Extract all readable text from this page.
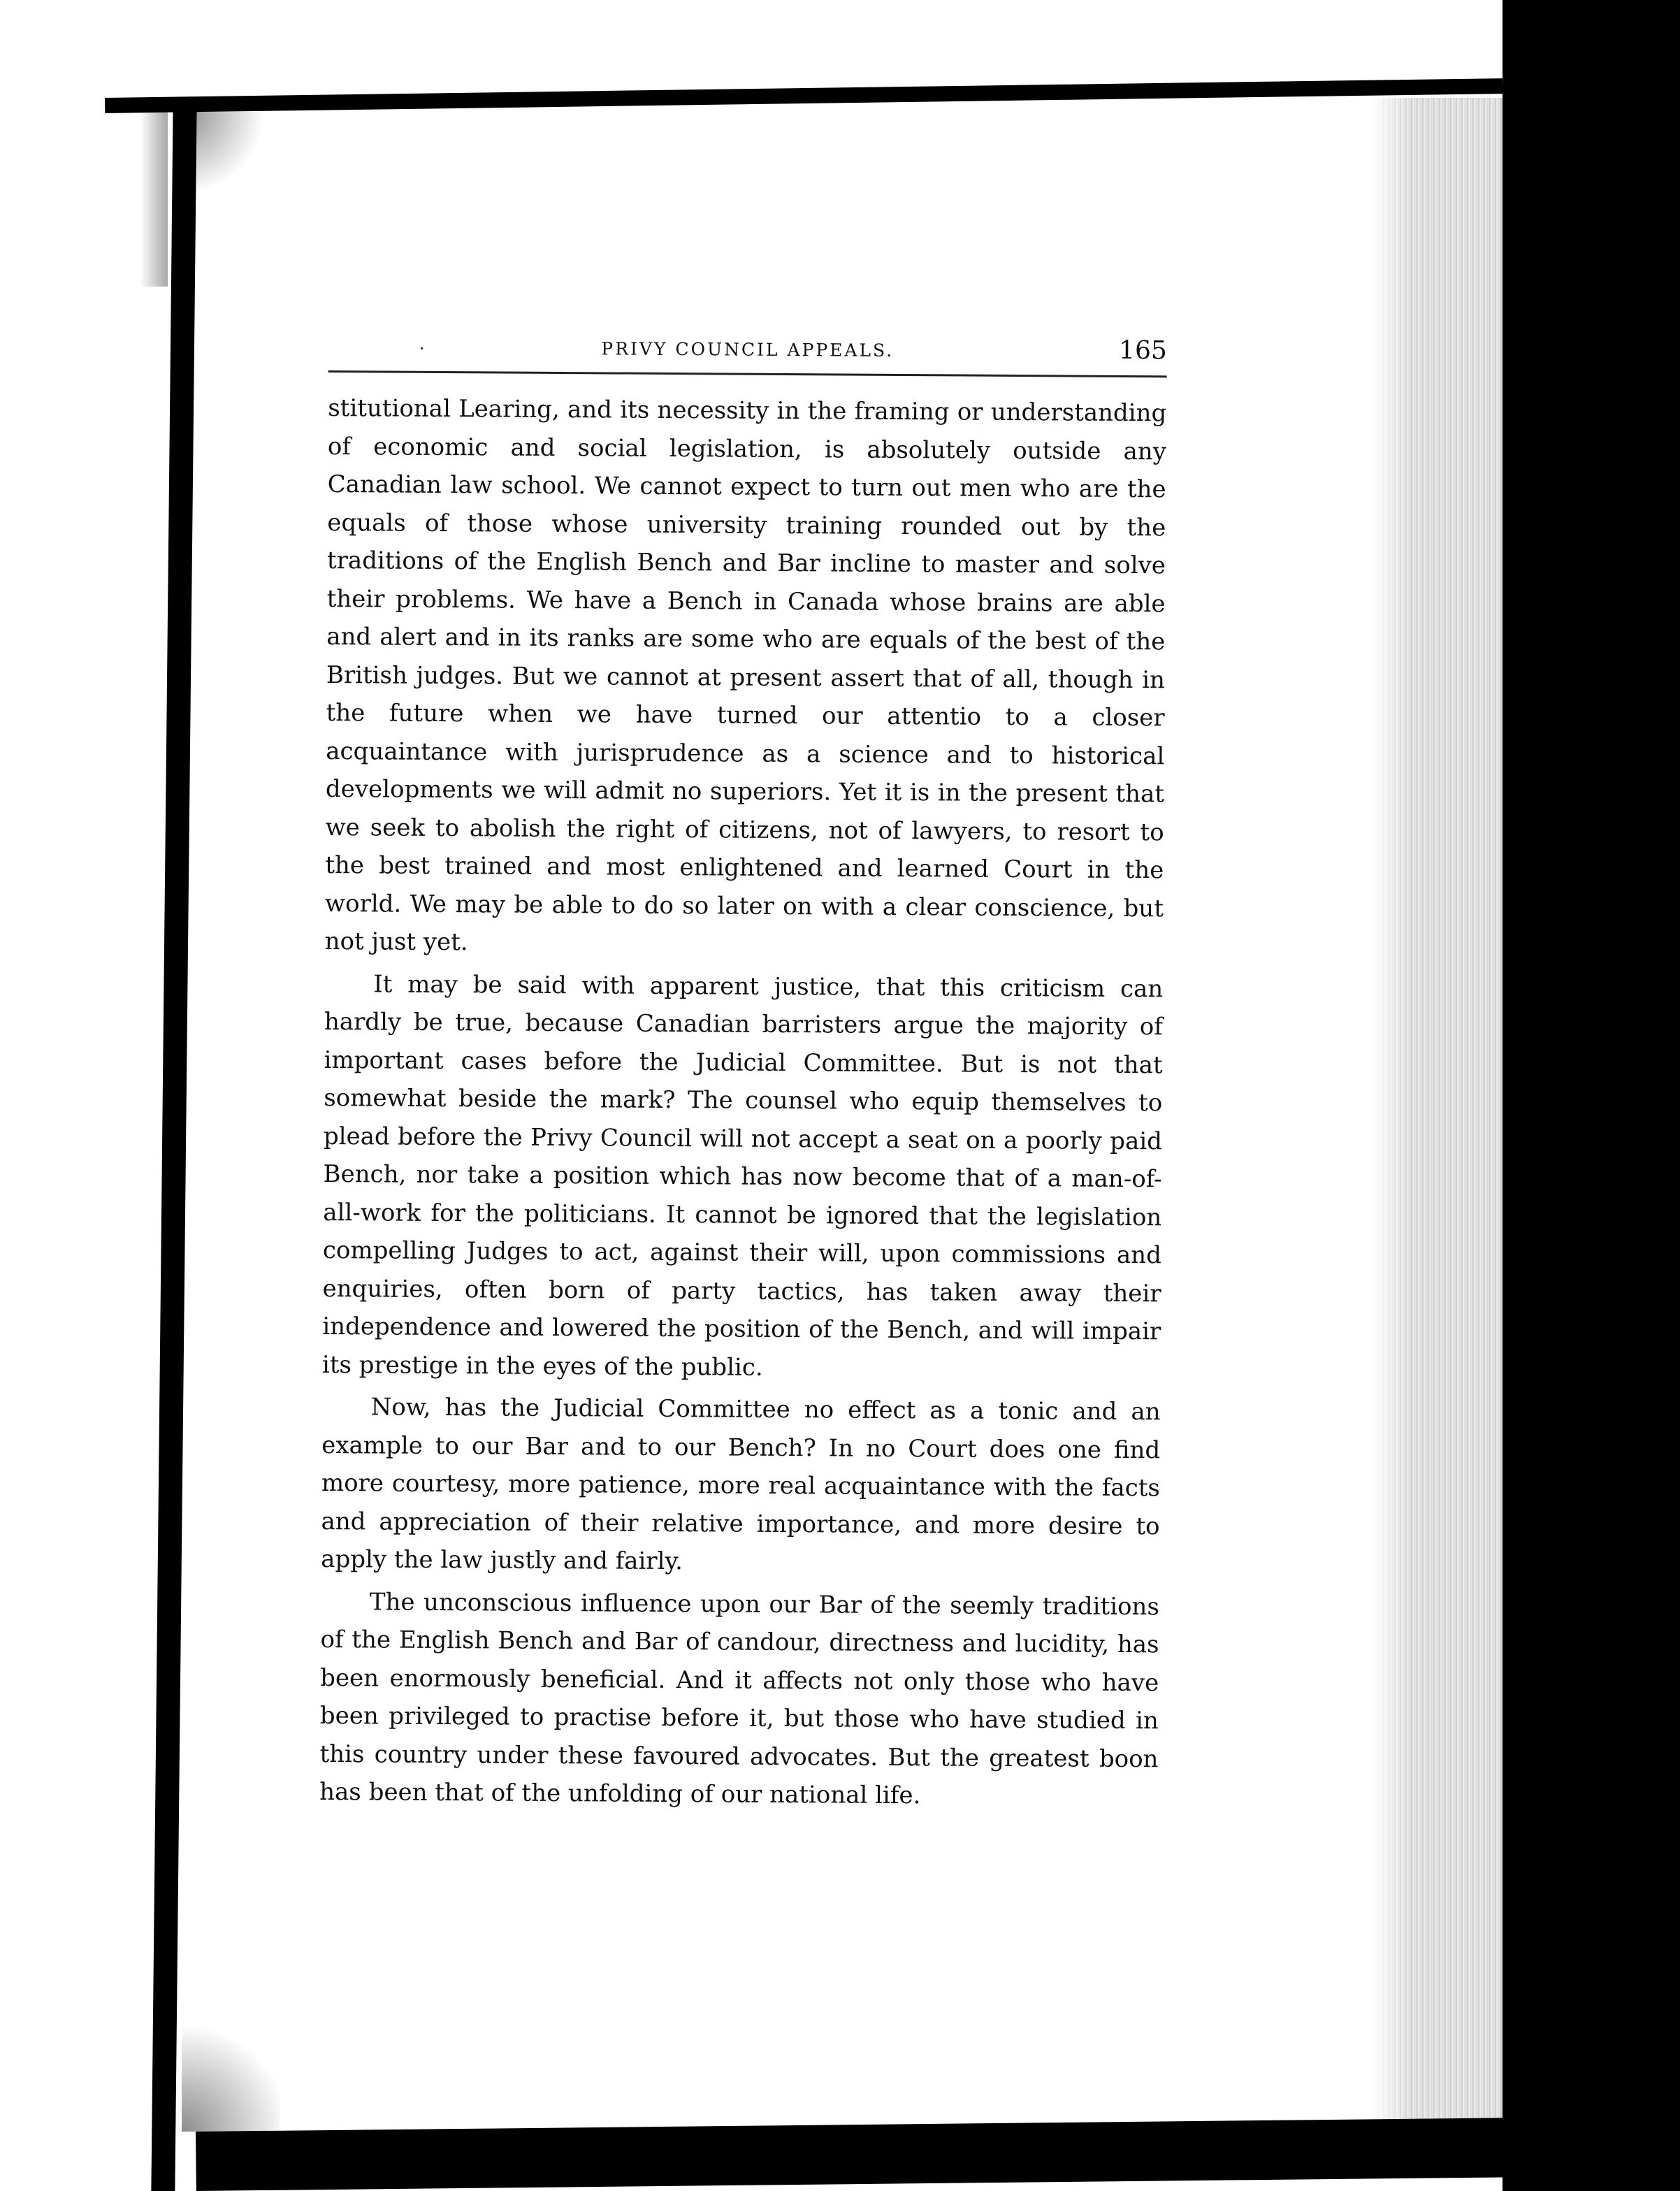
·	PRIVY COUNCIL APPEALS.	165

stitutional Learing, and its necessity in the framing or understanding of economic and social legislation, is absolutely outside any Canadian law school. We cannot expect to turn out men who are the equals of those whose university training rounded out by the traditions of the English Bench and Bar incline to master and solve their problems. We have a Bench in Canada whose brains are able and alert and in its ranks are some who are equals of the best of the British judges. But we cannot at present assert that of all, though in the future when we have turned our attentio to a closer acquaintance with jurisprudence as a science and to historical developments we will admit no superiors. Yet it is in the present that we seek to abolish the right of citizens, not of lawyers, to resort to the best trained and most enlightened and learned Court in the world. We may be able to do so later on with a clear conscience, but not just yet.

It may be said with apparent justice, that this criticism can hardly be true, because Canadian barristers argue the majority of important cases before the Judicial Committee. But is not that somewhat beside the mark? The counsel who equip themselves to plead before the Privy Council will not accept a seat on a poorly paid Bench, nor take a position which has now become that of a man-of-all-work for the politicians. It cannot be ignored that the legislation compelling Judges to act, against their will, upon commissions and enquiries, often born of party tactics, has taken away their independence and lowered the position of the Bench, and will impair its prestige in the eyes of the public.

Now, has the Judicial Committee no effect as a tonic and an example to our Bar and to our Bench? In no Court does one find more courtesy, more patience, more real acquaintance with the facts and appreciation of their relative importance, and more desire to apply the law justly and fairly.

The unconscious influence upon our Bar of the seemly traditions of the English Bench and Bar of candour, directness and lucidity, has been enormously beneficial. And it affects not only those who have been privileged to practise before it, but those who have studied in this country under these favoured advocates. But the greatest boon has been that of the unfolding of our national life.
